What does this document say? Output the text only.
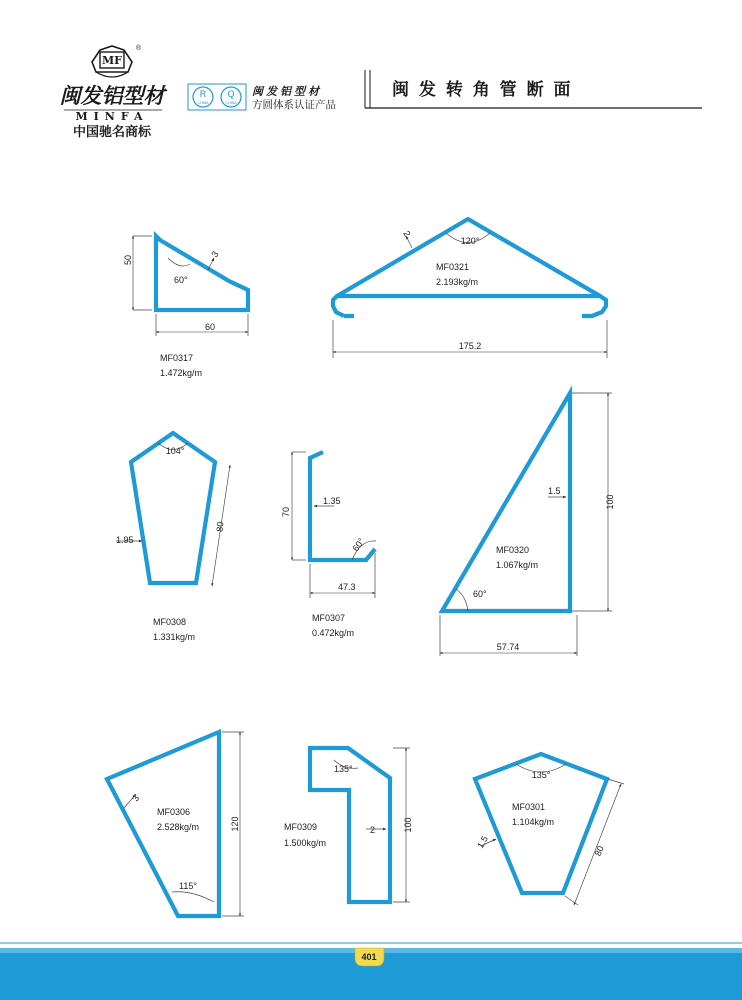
MF
®
闽发铝型材
MINFA
中国驰名商标
R
CHINA
Q
CHINA
闽发铝型材
方圆体系认证产品
闽 发 转 角 管 断 面
50
60
60°
3
MF0317
1.472kg/m
175.2
120°
2
MF0321
2.193kg/m
104°
80
1.95
MF0308
1.331kg/m
70
1.35
60°
47.3
MF0307
0.472kg/m
100
1.5
60°
57.74
MF0320
1.067kg/m
120
3
115°
MF0306
2.528kg/m
135°
100
2
MF0309
1.500kg/m
135°
80
1.5
MF0301
1.104kg/m
401
